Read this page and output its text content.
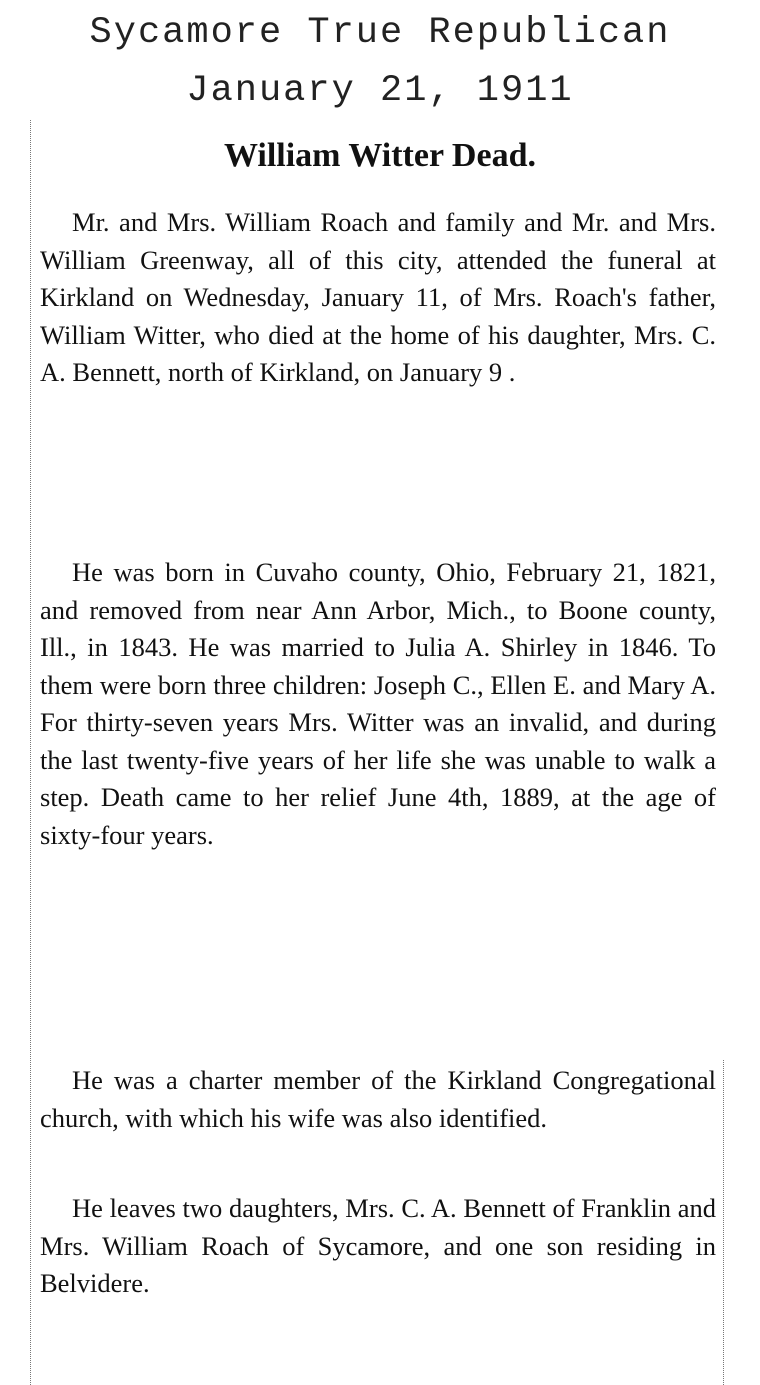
Sycamore True Republican
January 21, 1911
William Witter Dead.

Mr. and Mrs. William Roach and family and Mr. and Mrs. William Greenway, all of this city, attended the funeral at Kirkland on Wednesday, January 11, of Mrs. Roach's father, William Witter, who died at the home of his daughter, Mrs. C. A. Bennett, north of Kirkland, on January 9 .

He was born in Cuvaho county, Ohio, February 21, 1821, and removed from near Ann Arbor, Mich., to Boone county, Ill., in 1843. He was married to Julia A. Shirley in 1846. To them were born three children: Joseph C., Ellen E. and Mary A. For thirty-seven years Mrs. Witter was an invalid, and during the last twenty-five years of her life she was unable to walk a step. Death came to her relief June 4th, 1889, at the age of sixty-four years.

He was a charter member of the Kirkland Congregational church, with which his wife was also identified.

He leaves two daughters, Mrs. C. A. Bennett of Franklin and Mrs. William Roach of Sycamore, and one son residing in Belvidere.
